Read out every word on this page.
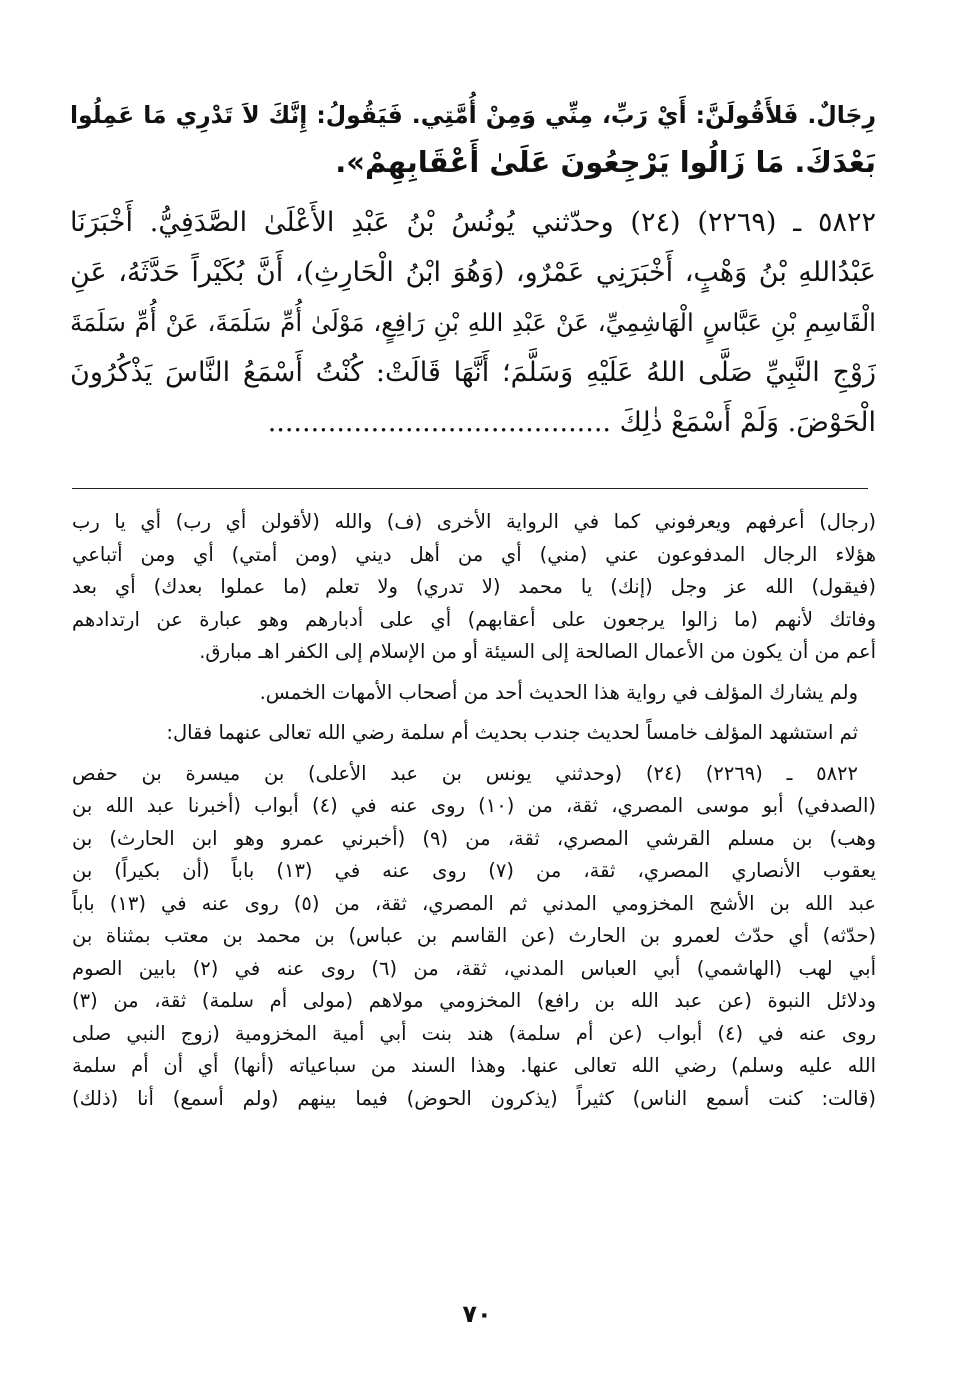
رِجَالٌ. فَلأَقُولَنَّ: أَيْ رَبِّ، مِنِّي وَمِنْ أُمَّتِي. فَيَقُولُ: إِنَّكَ لاَ تَدْرِي مَا عَمِلُوا
بَعْدَكَ. مَا زَالُوا يَرْجِعُونَ عَلَىٰ أَعْقَابِهِمْ».
٥٨٢٢ ـ (٢٢٦٩) (٢٤) وحدّثني يُونُسُ بْنُ عَبْدِ الأَعْلَىٰ الصَّدَفِيُّ. أَخْبَرَنَا
عَبْدُاللهِ بْنُ وَهْبٍ، أَخْبَرَنِي عَمْرٌو، (وَهُوَ ابْنُ الْحَارِثِ)، أَنَّ بُكَيْراً حَدَّثَهُ، عَنِ
الْقَاسِمِ بْنِ عَبَّاسٍ الْهَاشِمِيِّ، عَنْ عَبْدِ اللهِ بْنِ رَافِعٍ، مَوْلَىٰ أُمِّ سَلَمَةَ، عَنْ أُمِّ سَلَمَةَ
زَوْجِ النَّبِيِّ صَلَّى اللهُ عَلَيْهِ وَسَلَّمَ؛ أَنَّهَا قَالَتْ: كُنْتُ أَسْمَعُ النَّاسَ يَذْكُرُونَ
الْحَوْضَ. وَلَمْ أَسْمَعْ ذٰلِكَ ........................................
(رجال) أعرفهم ويعرفوني كما في الرواية الأخرى (ف) والله (لأقولن أي رب) أي يا رب
هؤلاء الرجال المدفوعون عني (مني) أي من أهل ديني (ومن أمتي) أي ومن أتباعي
(فيقول) الله عز وجل (إنك) يا محمد (لا تدري) ولا تعلم (ما عملوا بعدك) أي بعد
وفاتك لأنهم (ما زالوا يرجعون على أعقابهم) أي على أدبارهم وهو عبارة عن ارتدادهم
أعم من أن يكون من الأعمال الصالحة إلى السيئة أو من الإسلام إلى الكفر اهـ مبارق.
ولم يشارك المؤلف في رواية هذا الحديث أحد من أصحاب الأمهات الخمس.
ثم استشهد المؤلف خامساً لحديث جندب بحديث أم سلمة رضي الله تعالى عنهما فقال:
٥٨٢٢ ـ (٢٢٦٩) (٢٤) (وحدثني يونس بن عبد الأعلى) بن ميسرة بن حفص
(الصدفي) أبو موسى المصري، ثقة، من (١٠) روى عنه في (٤) أبواب (أخبرنا عبد الله بن
وهب) بن مسلم القرشي المصري، ثقة، من (٩) (أخبرني عمرو وهو ابن الحارث) بن
يعقوب الأنصاري المصري، ثقة، من (٧) روى عنه في (١٣) باباً (أن بكيراً) بن
عبد الله بن الأشج المخزومي المدني ثم المصري، ثقة، من (٥) روى عنه في (١٣) باباً
(حدّثه) أي حدّث لعمرو بن الحارث (عن القاسم بن عباس) بن محمد بن معتب بمثناة بن
أبي لهب (الهاشمي) أبي العباس المدني، ثقة، من (٦) روى عنه في (٢) بابين الصوم
ودلائل النبوة (عن عبد الله بن رافع) المخزومي مولاهم (مولى أم سلمة) ثقة، من (٣)
روى عنه في (٤) أبواب (عن أم سلمة) هند بنت أبي أمية المخزومية (زوج النبي صلى
الله عليه وسلم) رضي الله تعالى عنها. وهذا السند من سباعياته (أنها) أي أن أم سلمة
(قالت: كنت أسمع الناس) كثيراً (يذكرون الحوض) فيما بينهم (ولم أسمع) أنا (ذلك)
٧٠
